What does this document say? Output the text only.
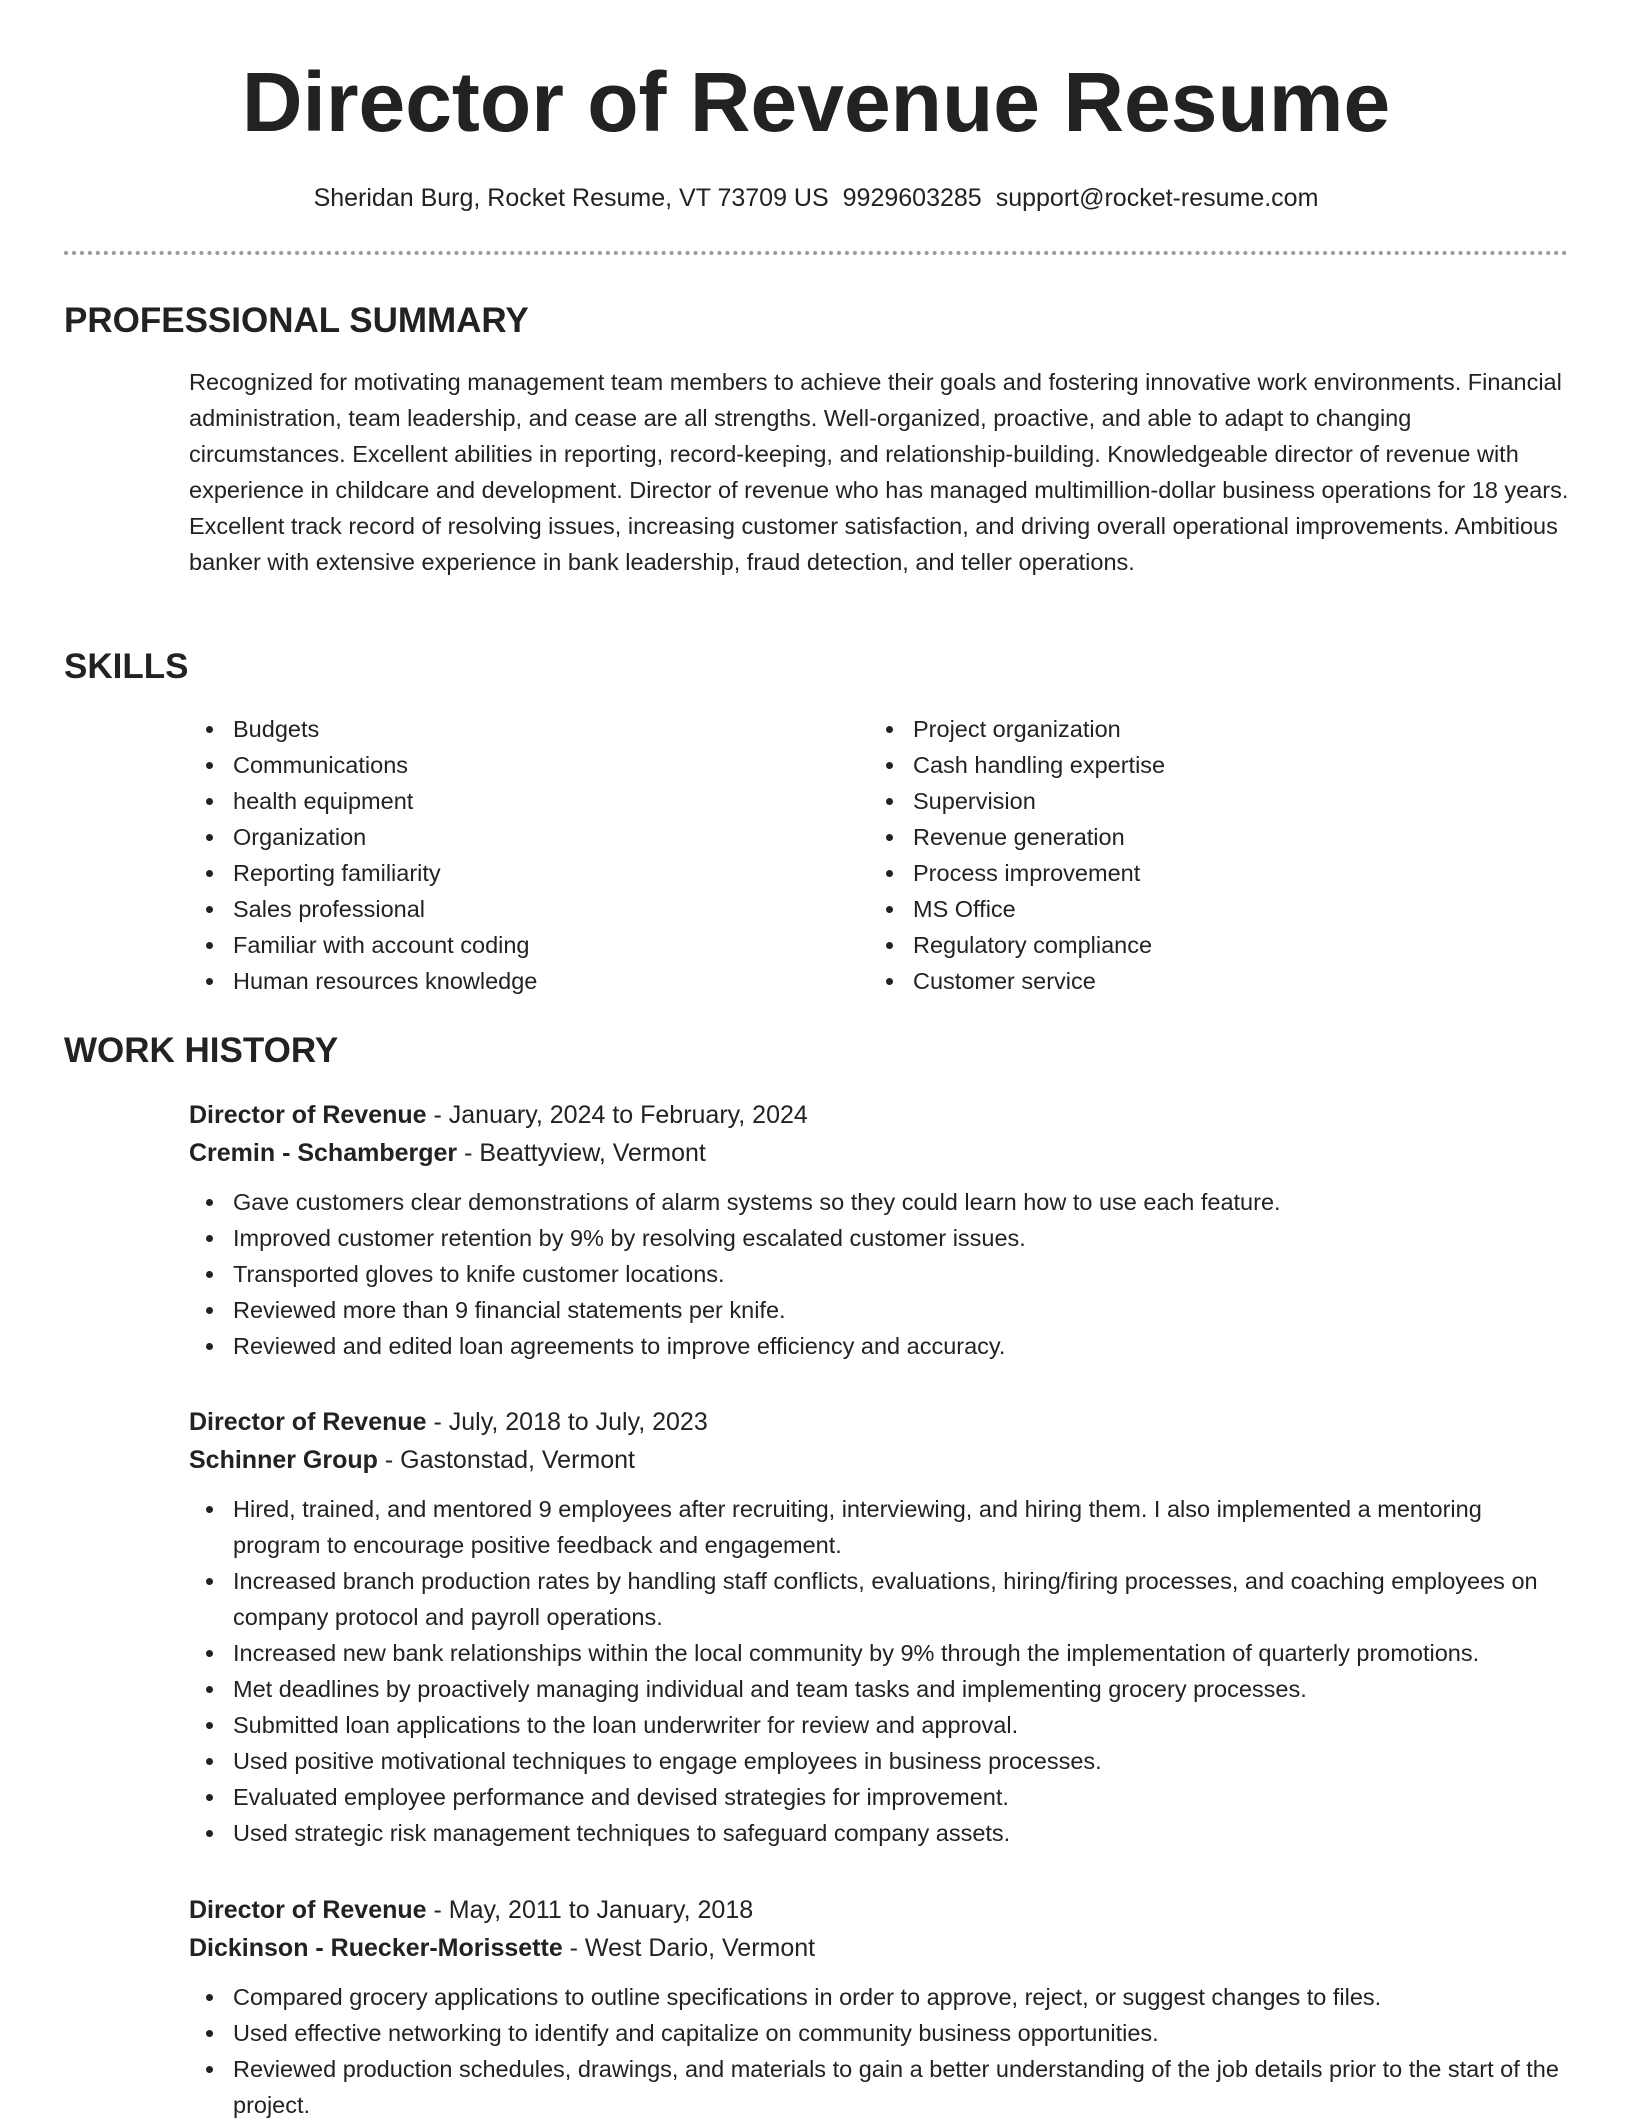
Director of Revenue Resume
Sheridan Burg, Rocket Resume, VT 73709 US 9929603285 support@rocket-resume.com
PROFESSIONAL SUMMARY

Recognized for motivating management team members to achieve their goals and fostering innovative work environments. Financial administration, team leadership, and cease are all strengths. Well-organized, proactive, and able to adapt to changing circumstances. Excellent abilities in reporting, record-keeping, and relationship-building. Knowledgeable director of revenue with experience in childcare and development. Director of revenue who has managed multimillion-dollar business operations for 18 years. Excellent track record of resolving issues, increasing customer satisfaction, and driving overall operational improvements. Ambitious banker with extensive experience in bank leadership, fraud detection, and teller operations.

SKILLS
Budgets
Communications
health equipment
Organization
Reporting familiarity
Sales professional
Familiar with account coding
Human resources knowledge
Project organization
Cash handling expertise
Supervision
Revenue generation
Process improvement
MS Office
Regulatory compliance
Customer service
WORK HISTORY
Director of Revenue - January, 2024 to February, 2024
Cremin - Schamberger - Beattyview, Vermont
Gave customers clear demonstrations of alarm systems so they could learn how to use each feature.
Improved customer retention by 9% by resolving escalated customer issues.
Transported gloves to knife customer locations.
Reviewed more than 9 financial statements per knife.
Reviewed and edited loan agreements to improve efficiency and accuracy.
Director of Revenue - July, 2018 to July, 2023
Schinner Group - Gastonstad, Vermont
Hired, trained, and mentored 9 employees after recruiting, interviewing, and hiring them. I also implemented a mentoring program to encourage positive feedback and engagement.
Increased branch production rates by handling staff conflicts, evaluations, hiring/firing processes, and coaching employees on company protocol and payroll operations.
Increased new bank relationships within the local community by 9% through the implementation of quarterly promotions.
Met deadlines by proactively managing individual and team tasks and implementing grocery processes.
Submitted loan applications to the loan underwriter for review and approval.
Used positive motivational techniques to engage employees in business processes.
Evaluated employee performance and devised strategies for improvement.
Used strategic risk management techniques to safeguard company assets.
Director of Revenue - May, 2011 to January, 2018
Dickinson - Ruecker-Morissette - West Dario, Vermont
Compared grocery applications to outline specifications in order to approve, reject, or suggest changes to files.
Used effective networking to identify and capitalize on community business opportunities.
Reviewed production schedules, drawings, and materials to gain a better understanding of the job details prior to the start of the project.
